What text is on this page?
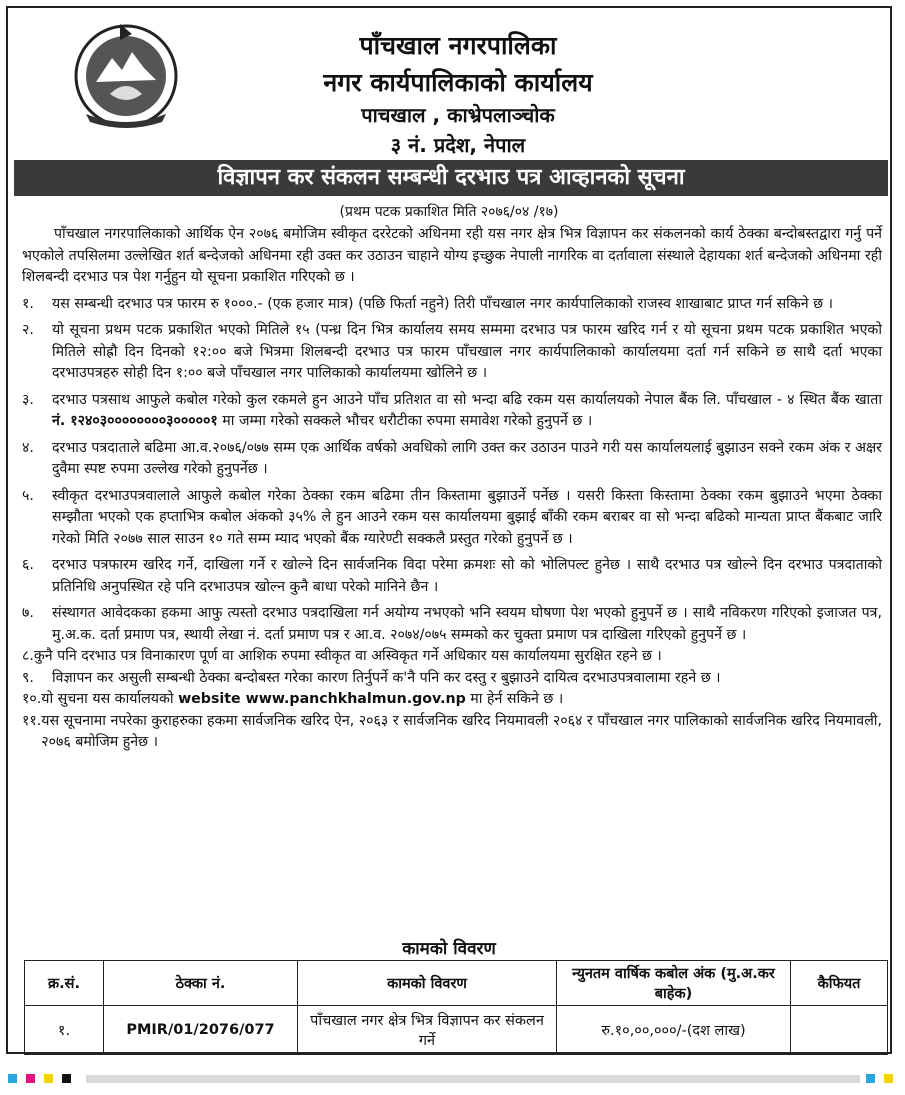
पाँचखाल नगरपालिका
नगर कार्यपालिकाको कार्यालय
पाचखाल , काभ्रेपलाञ्चोक
३ नं. प्रदेश, नेपाल
विज्ञापन कर संकलन सम्बन्धी दरभाउ पत्र आव्हानको सूचना
(प्रथम पटक प्रकाशित मिति २०७६/०४ /१७)

पाँचखाल नगरपालिकाको आर्थिक ऐन २०७६ बमोजिम स्वीकृत दररेटको अधिनमा रही यस नगर क्षेत्र भित्र विज्ञापन कर संकलनको कार्य ठेक्का बन्दोबस्तद्वारा गर्नु पर्ने भएकोले तपसिलमा उल्लेखित शर्त बन्देजको अधिनमा रही उक्त कर उठाउन चाहाने योग्य इच्छुक नेपाली नागरिक वा दर्तावाला संस्थाले देहायका शर्त बन्देजको अधिनमा रही शिलबन्दी दरभाउ पत्र पेश गर्नुहुन यो सूचना प्रकाशित गरिएको छ ।

१.	यस सम्बन्धी दरभाउ पत्र फारम रु १०००.- (एक हजार मात्र) (पछि फिर्ता नहुने) तिरी पाँचखाल नगर कार्यपालिकाको राजस्व शाखाबाट प्राप्त गर्न सकिने छ ।

२.	यो सूचना प्रथम पटक प्रकाशित भएको मितिले १५ (पन्ध्र दिन भित्र कार्यालय समय सम्ममा दरभाउ पत्र फारम खरिद गर्न र यो सूचना प्रथम पटक प्रकाशित भएको मितिले सोह्रौ दिन दिनको १२:०० बजे भित्रमा शिलबन्दी दरभाउ पत्र फारम पाँचखाल नगर कार्यपालिकाको कार्यालयमा दर्ता गर्न सकिने छ साथै दर्ता भएका दरभाउपत्रहरु सोही दिन १:०० बजे पाँचखाल नगर पालिकाको कार्यालयमा खोलिने छ ।

३.	दरभाउ पत्रसाथ आफुले कबोल गरेको कुल रकमले हुन आउने पाँच प्रतिशत वा सो भन्दा बढि रकम यस कार्यालयको नेपाल बैंक लि. पाँचखाल - ४ स्थित बैंक खाता नं. १२४०३००००००००३०००००१ मा जम्मा गरेको सक्कले भौचर धरौटीका रुपमा समावेश गरेको हुनुपर्ने छ ।

४.	दरभाउ पत्रदाताले बढिमा आ.व.२०७६/०७७ सम्म एक आर्थिक वर्षको अवधिको लागि उक्त कर उठाउन पाउने गरी यस कार्यालयलाई बुझाउन सक्ने रकम अंक र अक्षर दुवैमा स्पष्ट रुपमा उल्लेख गरेको हुनुपर्नेछ ।

५.	स्वीकृत दरभाउपत्रवालाले आफुले कबोल गरेका ठेक्का रकम बढिमा तीन किस्तामा बुझाउर्ने पर्नेछ । यसरी किस्ता किस्तामा ठेक्का रकम बुझाउने भएमा ठेक्का सम्झौता भएको एक हप्ताभित्र कबोल अंकको ३५% ले हुन आउने रकम यस कार्यालयमा बुझाई बाँकी रकम बराबर वा सो भन्दा बढिको मान्यता प्राप्त बैंकबाट जारि गरेको मिति २०७७ साल साउन १० गते सम्म म्याद भएको बैंक ग्यारेण्टी सक्कलै प्रस्तुत गरेको हुनुपर्ने छ ।

६.	दरभाउ पत्रफारम खरिद गर्ने, दाखिला गर्ने र खोल्ने दिन सार्वजनिक विदा परेमा क्रमशः सो को भोलिपल्ट हुनेछ । साथै दरभाउ पत्र खोल्ने दिन दरभाउ पत्रदाताको प्रतिनिधि अनुपस्थित रहे पनि दरभाउपत्र खोल्न कुनै बाधा परेको मानिने छैन ।

७.	संस्थागत आवेदकका हकमा आफु त्यस्तो दरभाउ पत्रदाखिला गर्न अयोग्य नभएको भनि स्वयम घोषणा पेश भएको हुनुपर्ने छ । साथै नविकरण गरिएको इजाजत पत्र, मु.अ.क. दर्ता प्रमाण पत्र, स्थायी लेखा नं. दर्ता प्रमाण पत्र र आ.व. २०७४/०७५ सम्मको कर चुक्ता प्रमाण पत्र दाखिला गरिएको हुनुपर्ने छ ।
८. कुनै पनि दरभाउ पत्र विनाकारण पूर्ण वा आशिक रुपमा स्वीकृत वा अस्विकृत गर्ने अधिकार यस कार्यालयमा सुरक्षित रहने छ ।
९.	विज्ञापन कर असुली सम्बन्धी ठेक्का बन्दोबस्त गरेका कारण तिर्नुपर्ने क'नै पनि कर दस्तु र बुझाउने दायित्व दरभाउपत्रवालामा रहने छ ।
१०. यो सुचना यस कार्यालयको website www.panchkhalmun.gov.np मा हेर्न सकिने छ ।
११. यस सूचनामा नपरेका कुराहरुका हकमा सार्वजनिक खरिद ऐन, २०६३ र सार्वजनिक खरिद नियमावली २०६४ र पाँचखाल नगर पालिकाको सार्वजनिक खरिद नियमावली, २०७६ बमोजिम हुनेछ ।
कामको विवरण
क्र.सं.	ठेक्का नं.	कामको विवरण	न्युनतम वार्षिक कबोल अंक (मु.अ.कर बाहेक)	कैफियत
१.	PMIR/01/2076/077	पाँचखाल नगर क्षेत्र भित्र विज्ञापन कर संकलन गर्ने	रु.१०,००,०००/-(दश लाख)	
